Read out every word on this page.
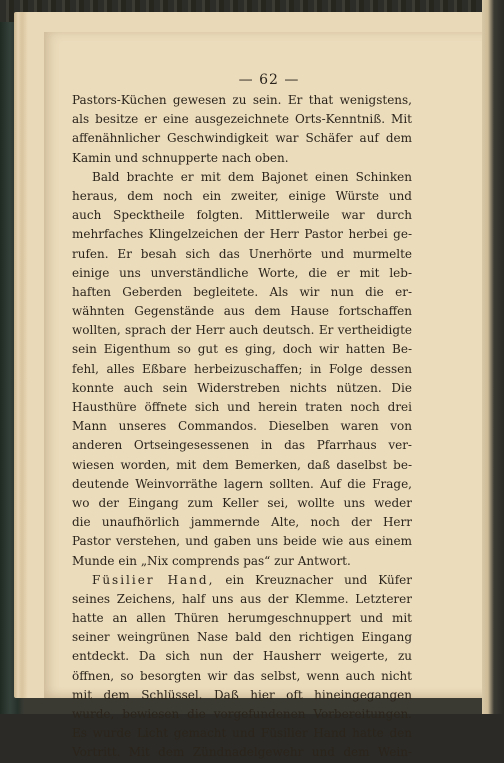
— 62 —
Pastors-Küchen gewesen zu sein. Er that wenigstens,
als besitze er eine ausgezeichnete Orts-Kenntniß. Mit
affenähnlicher Geschwindigkeit war Schäfer auf dem
Kamin und schnupperte nach oben.
Bald brachte er mit dem Bajonet einen Schinken
heraus, dem noch ein zweiter, einige Würste und
auch Specktheile folgten. Mittlerweile war durch
mehrfaches Klingelzeichen der Herr Pastor herbei ge-
rufen. Er besah sich das Unerhörte und murmelte
einige uns unverständliche Worte, die er mit leb-
haften Geberden begleitete. Als wir nun die er-
wähnten Gegenstände aus dem Hause fortschaffen
wollten, sprach der Herr auch deutsch. Er vertheidigte
sein Eigenthum so gut es ging, doch wir hatten Be-
fehl, alles Eßbare herbeizuschaffen; in Folge dessen
konnte auch sein Widerstreben nichts nützen. Die
Hausthüre öffnete sich und herein traten noch drei
Mann unseres Commandos. Dieselben waren von
anderen Ortseingesessenen in das Pfarrhaus ver-
wiesen worden, mit dem Bemerken, daß daselbst be-
deutende Weinvorräthe lagern sollten. Auf die Frage,
wo der Eingang zum Keller sei, wollte uns weder
die unaufhörlich jammernde Alte, noch der Herr
Pastor verstehen, und gaben uns beide wie aus einem
Munde ein „Nix comprends pas“ zur Antwort.
Füsilier Hand, ein Kreuznacher und Küfer
seines Zeichens, half uns aus der Klemme. Letzterer
hatte an allen Thüren herumgeschnuppert und mit
seiner weingrünen Nase bald den richtigen Eingang
entdeckt. Da sich nun der Hausherr weigerte, zu
öffnen, so besorgten wir das selbst, wenn auch nicht
mit dem Schlüssel. Daß hier oft hineingegangen
wurde, bewiesen die vorgefundenen Vorbereitungen.
Es wurde Licht gemacht und Füsilier Hand hatte den
Vortritt. Mit dem Zündnadelgewehr und dem Wein-
